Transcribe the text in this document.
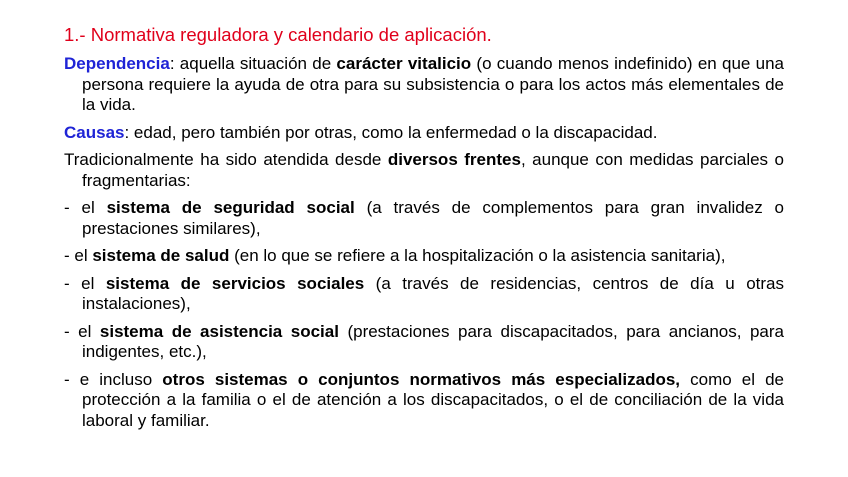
1.- Normativa reguladora y calendario de aplicación.

Dependencia: aquella situación de carácter vitalicio (o cuando menos indefinido) en que una persona requiere la ayuda de otra para su subsistencia o para los actos más elementales de la vida.

Causas: edad, pero también por otras, como la enfermedad o la discapacidad.

Tradicionalmente ha sido atendida desde diversos frentes, aunque con medidas parciales o fragmentarias:

- el sistema de seguridad social (a través de complementos para gran invalidez o prestaciones similares),

- el sistema de salud (en lo que se refiere a la hospitalización o la asistencia sanitaria),

- el sistema de servicios sociales (a través de residencias, centros de día u otras instalaciones),

- el sistema de asistencia social (prestaciones para discapacitados, para ancianos, para indigentes, etc.),

- e incluso otros sistemas o conjuntos normativos más especializados, como el de protección a la familia o el de atención a los discapacitados, o el de conciliación de la vida laboral y familiar.
